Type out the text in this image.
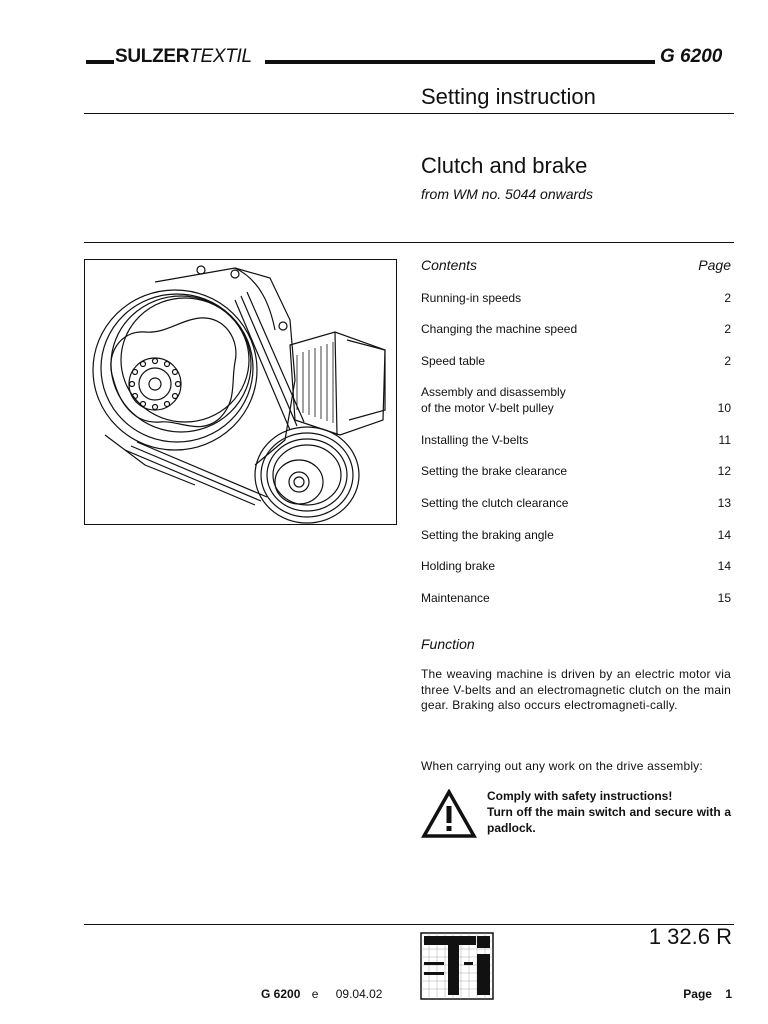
SULZERTEXTIL	G 6200
Setting instruction
Clutch and brake
from WM no. 5044 onwards
Contents	Page
Running-in speeds	2
Changing the machine speed	2
Speed table	2
Assembly and disassembly
of the motor V-belt pulley	10
Installing the V-belts	11
Setting the brake clearance	12
Setting the clutch clearance	13
Setting the braking angle	14
Holding brake	14
Maintenance	15
Function
The weaving machine is driven by an electric motor via three V-belts and an electromagnetic clutch on the main gear. Braking also occurs electromagneti-cally.
When carrying out any work on the drive assembly:
Comply with safety instructions!
Turn off the main switch and secure with a padlock.
1 32.6 R
G 6200 e 09.04.02	Page 1
